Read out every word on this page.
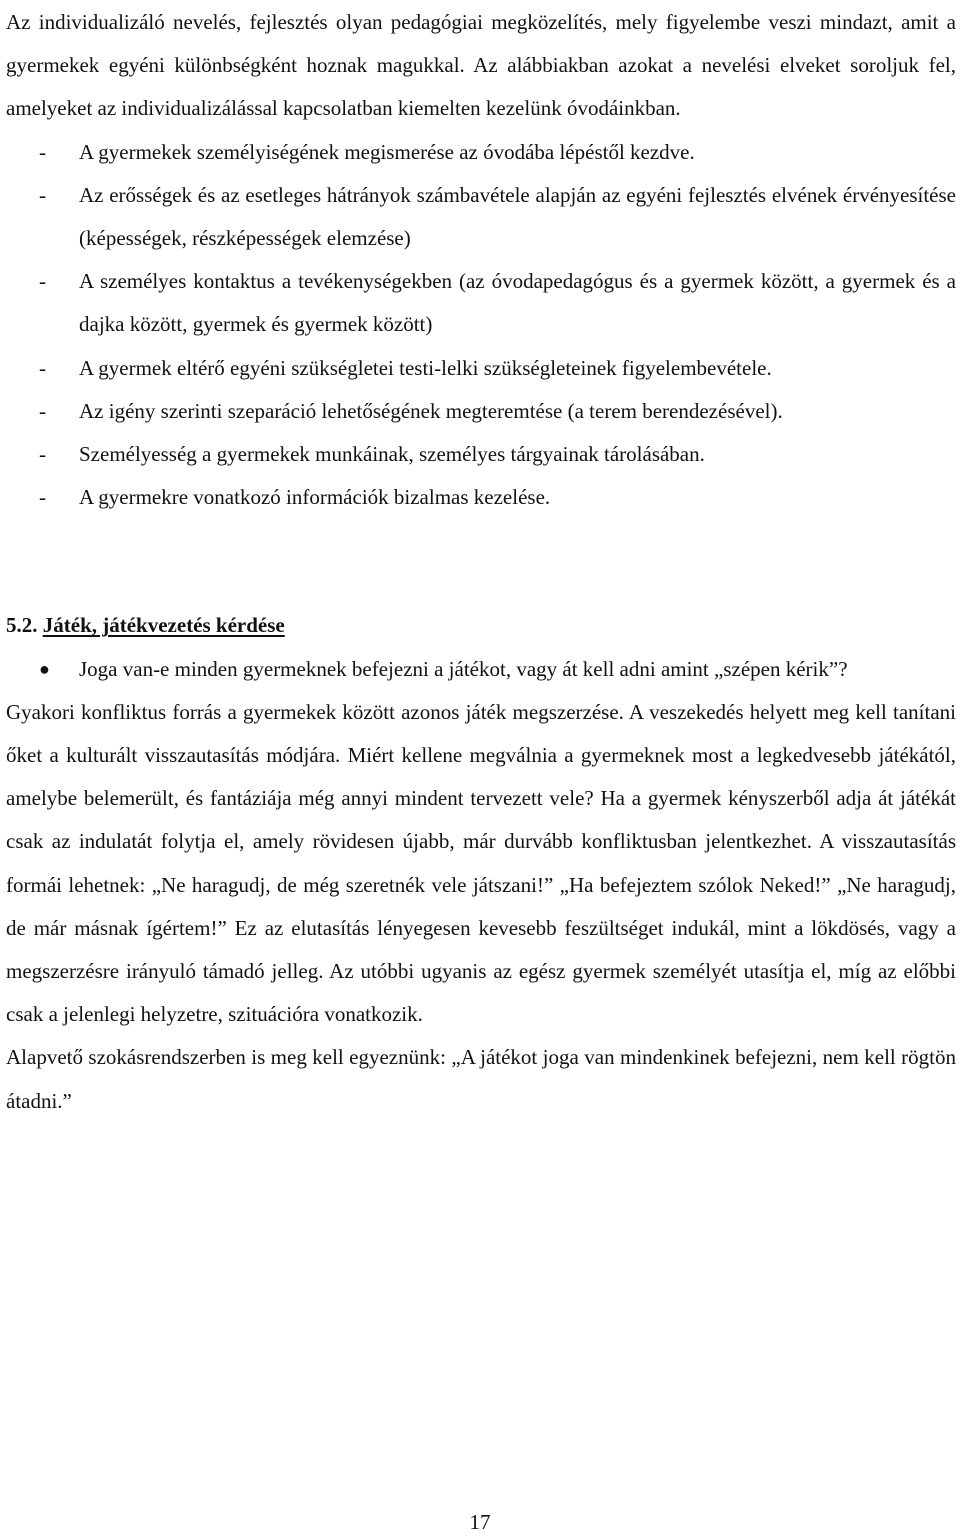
Az individualizáló nevelés, fejlesztés olyan pedagógiai megközelítés, mely figyelembe veszi mindazt, amit a gyermekek egyéni különbségként hoznak magukkal. Az alábbiakban azokat a nevelési elveket soroljuk fel, amelyeket az individualizálással kapcsolatban kiemelten kezelünk óvodáinkban.

- A gyermekek személyiségének megismerése az óvodába lépéstől kezdve.
- Az erősségek és az esetleges hátrányok számbavétele alapján az egyéni fejlesztés elvének érvényesítése (képességek, részképességek elemzése)
- A személyes kontaktus a tevékenységekben (az óvodapedagógus és a gyermek között, a gyermek és a dajka között, gyermek és gyermek között)
- A gyermek eltérő egyéni szükségletei testi-lelki szükségleteinek figyelembevétele.
- Az igény szerinti szeparáció lehetőségének megteremtése (a terem berendezésével).
- Személyesség a gyermekek munkáinak, személyes tárgyainak tárolásában.
- A gyermekre vonatkozó információk bizalmas kezelése.
5.2. Játék, játékvezetés kérdése
● Joga van-e minden gyermeknek befejezni a játékot, vagy át kell adni amint „szépen kérik”?

Gyakori konfliktus forrás a gyermekek között azonos játék megszerzése. A veszekedés helyett meg kell tanítani őket a kulturált visszautasítás módjára. Miért kellene megválnia a gyermeknek most a legkedvesebb játékától, amelybe belemerült, és fantáziája még annyi mindent tervezett vele? Ha a gyermek kényszerből adja át játékát csak az indulatát folytja el, amely rövidesen újabb, már durvább konfliktusban jelentkezhet. A visszautasítás formái lehetnek: „Ne haragudj, de még szeretnék vele játszani!” „Ha befejeztem szólok Neked!” „Ne haragudj, de már másnak ígértem!” Ez az elutasítás lényegesen kevesebb feszültséget indukál, mint a lökdösés, vagy a megszerzésre irányuló támadó jelleg. Az utóbbi ugyanis az egész gyermek személyét utasítja el, míg az előbbi csak a jelenlegi helyzetre, szituációra vonatkozik.

Alapvető szokásrendszerben is meg kell egyeznünk: „A játékot joga van mindenkinek befejezni, nem kell rögtön átadni.”

17
